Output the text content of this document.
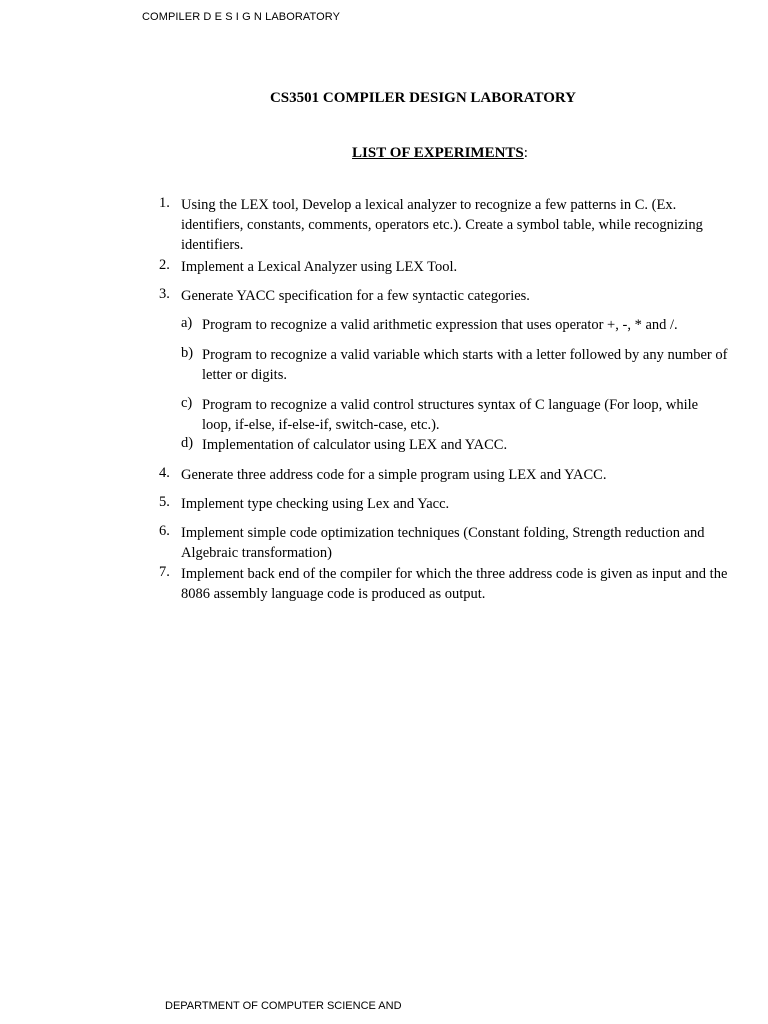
COMPILER D E S I G N LABORATORY
CS3501 COMPILER DESIGN LABORATORY
LIST OF EXPERIMENTS:
1. Using the LEX tool, Develop a lexical analyzer to recognize a few patterns in C. (Ex. identifiers, constants, comments, operators etc.). Create a symbol table, while recognizing identifiers.
2. Implement a Lexical Analyzer using LEX Tool.
3. Generate YACC specification for a few syntactic categories.
a) Program to recognize a valid arithmetic expression that uses operator +, -, * and /.
b) Program to recognize a valid variable which starts with a letter followed by any number of letter or digits.
c) Program to recognize a valid control structures syntax of C language (For loop, while loop, if-else, if-else-if, switch-case, etc.).
d) Implementation of calculator using LEX and YACC.
4. Generate three address code for a simple program using LEX and YACC.
5. Implement type checking using Lex and Yacc.
6. Implement simple code optimization techniques (Constant folding, Strength reduction and Algebraic transformation)
7. Implement back end of the compiler for which the three address code is given as input and the 8086 assembly language code is produced as output.
DEPARTMENT OF COMPUTER SCIENCE AND
